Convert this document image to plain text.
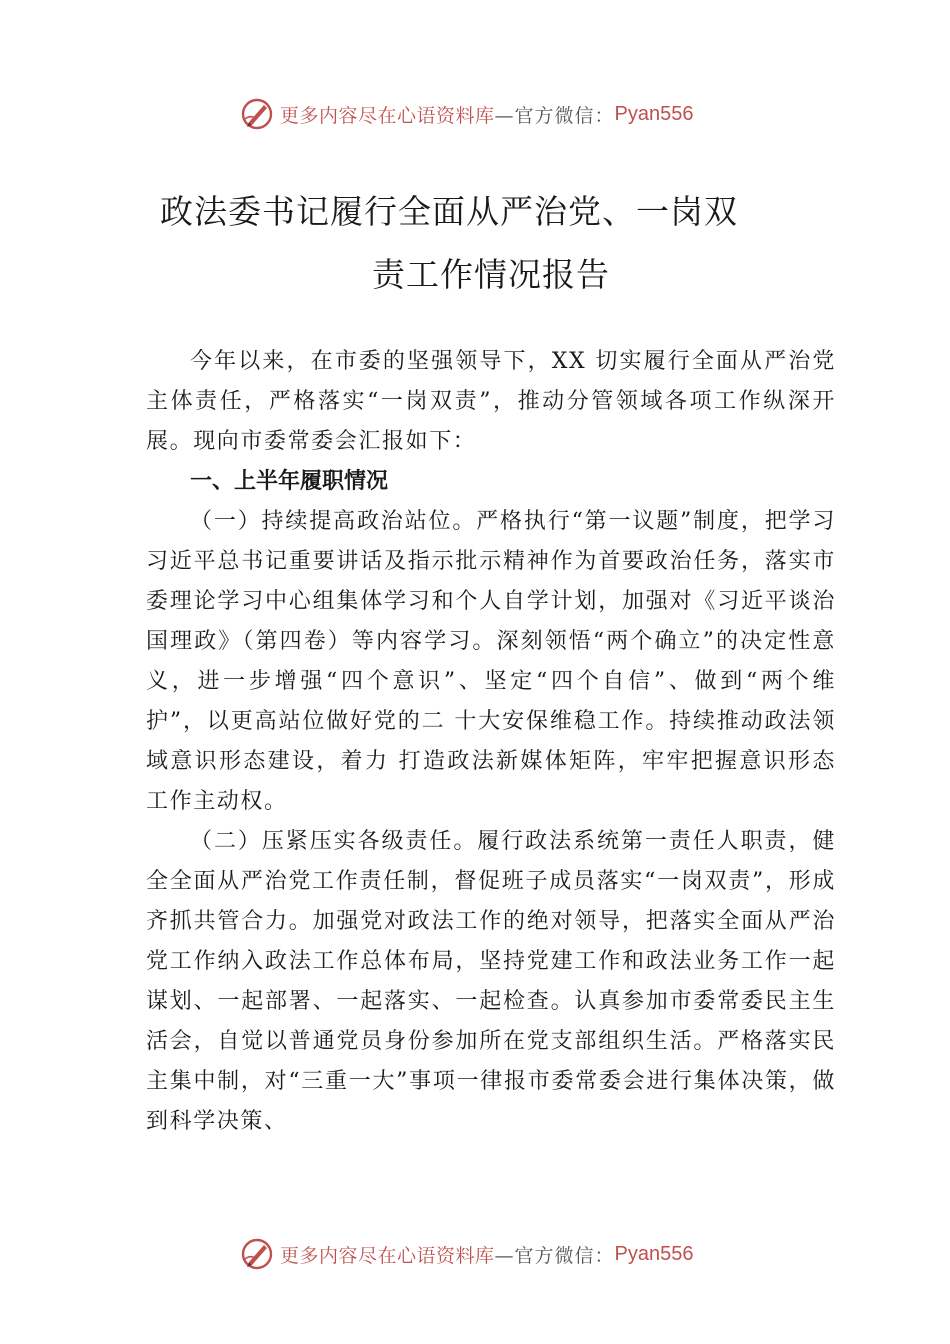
更多内容尽在心语资料库 —官方微信： Pyan556
政法委书记履行全面从严治党、一岗双
责工作情况报告

今年以来，在市委的坚强领导下，XX 切实履行全面从严治党主体责任，严格落实“一岗双责”，推动分管领域各项工作纵深开展。现向市委常委会汇报如下：

一、上半年履职情况

（一）持续提高政治站位。严格执行“第一议题”制度，把学习习近平总书记重要讲话及指示批示精神作为首要政治任务，落实市委理论学习中心组集体学习和个人自学计划，加强对《习近平谈治国理政》（第四卷）等内容学习。深刻领悟“两个确立”的决定性意义，进一步增强“四个意识”、坚定“四个自信”、做到“两个维护”，以更高站位做好党的二 十大安保维稳工作。持续推动政法领域意识形态建设，着力 打造政法新媒体矩阵，牢牢把握意识形态工作主动权。

（二）压紧压实各级责任。履行政法系统第一责任人职责，健全全面从严治党工作责任制，督促班子成员落实“一岗双责”，形成齐抓共管合力。加强党对政法工作的绝对领导，把落实全面从严治党工作纳入政法工作总体布局，坚持党建工作和政法业务工作一起谋划、一起部署、一起落实、一起检查。认真参加市委常委民主生活会，自觉以普通党员身份参加所在党支部组织生活。严格落实民主集中制，对“三重一大”事项一律报市委常委会进行集体决策，做到科学决策、

更多内容尽在心语资料库 —官方微信： Pyan556
